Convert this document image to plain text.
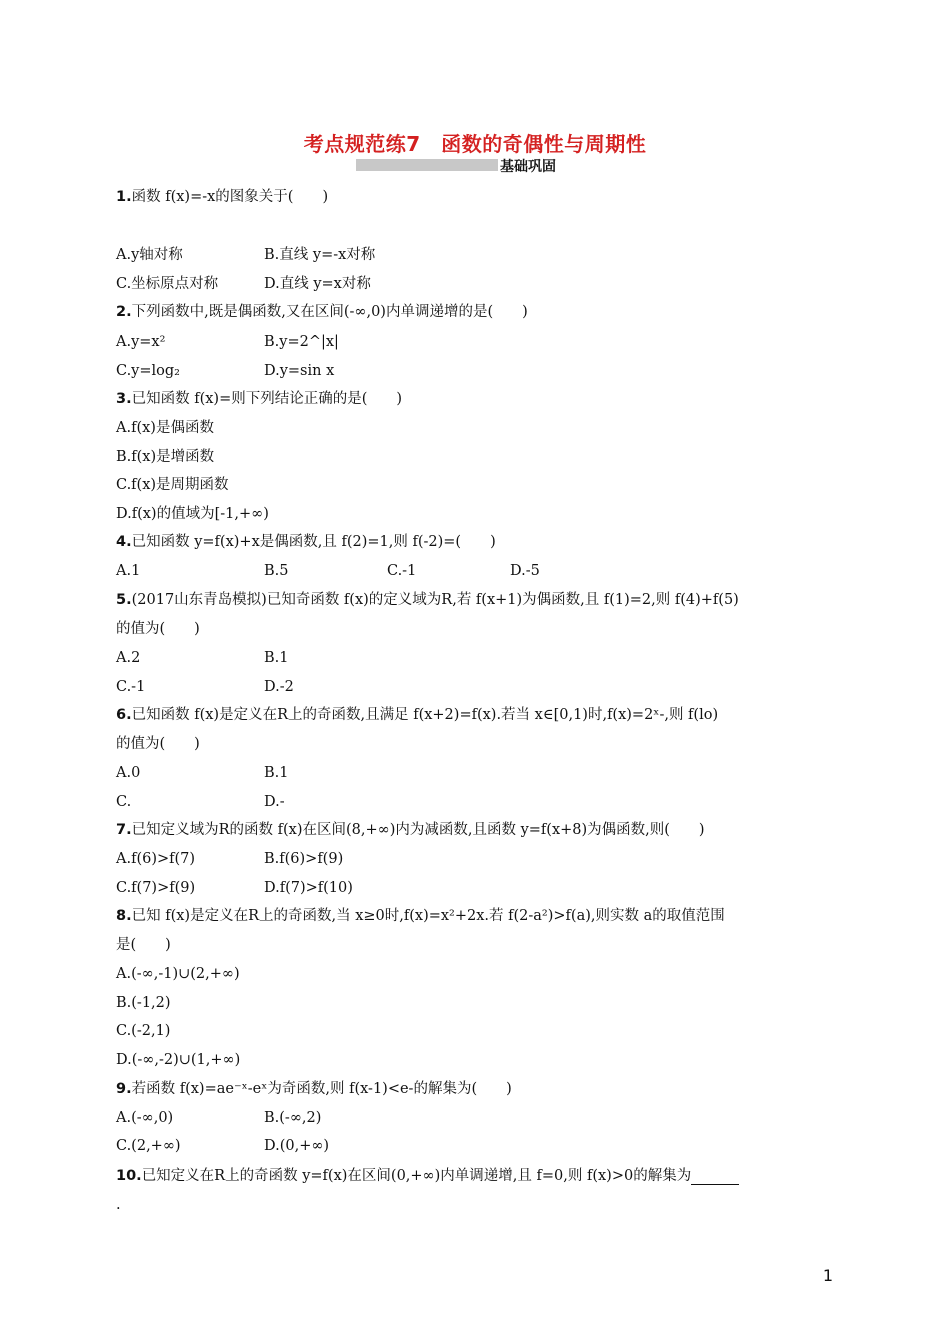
考点规范练7　函数的奇偶性与周期性
基础巩固
1.函数 f(x)=-x的图象关于(　　)
A.y轴对称	B.直线 y=-x对称
C.坐标原点对称	D.直线 y=x对称
2.下列函数中,既是偶函数,又在区间(-∞,0)内单调递增的是(　　)
A.y=x²	B.y=2^|x|
C.y=log₂	D.y=sin x
3.已知函数 f(x)=则下列结论正确的是(　　)
A.f(x)是偶函数
B.f(x)是增函数
C.f(x)是周期函数
D.f(x)的值域为[-1,+∞)
4.已知函数 y=f(x)+x是偶函数,且 f(2)=1,则 f(-2)=(　　)
A.1	B.5	C.-1	D.-5
5.(2017山东青岛模拟)已知奇函数 f(x)的定义域为R,若 f(x+1)为偶函数,且 f(1)=2,则 f(4)+f(5)
的值为(　　)
A.2	B.1
C.-1	D.-2
6.已知函数 f(x)是定义在R上的奇函数,且满足 f(x+2)=f(x).若当 x∈[0,1)时,f(x)=2ˣ-,则 f(lo)
的值为(　　)
A.0	B.1
C.	D.-
7.已知定义域为R的函数 f(x)在区间(8,+∞)内为减函数,且函数 y=f(x+8)为偶函数,则(　　)
A.f(6)>f(7)	B.f(6)>f(9)
C.f(7)>f(9)	D.f(7)>f(10)
8.已知 f(x)是定义在R上的奇函数,当 x≥0时,f(x)=x²+2x.若 f(2-a²)>f(a),则实数 a的取值范围
是(　　)
A.(-∞,-1)∪(2,+∞)
B.(-1,2)
C.(-2,1)
D.(-∞,-2)∪(1,+∞)
9.若函数 f(x)=ae⁻ˣ-eˣ为奇函数,则 f(x-1)<e-的解集为(　　)
A.(-∞,0)	B.(-∞,2)
C.(2,+∞)	D.(0,+∞)
10.已知定义在R上的奇函数 y=f(x)在区间(0,+∞)内单调递增,且 f=0,则 f(x)>0的解集为
.
1
